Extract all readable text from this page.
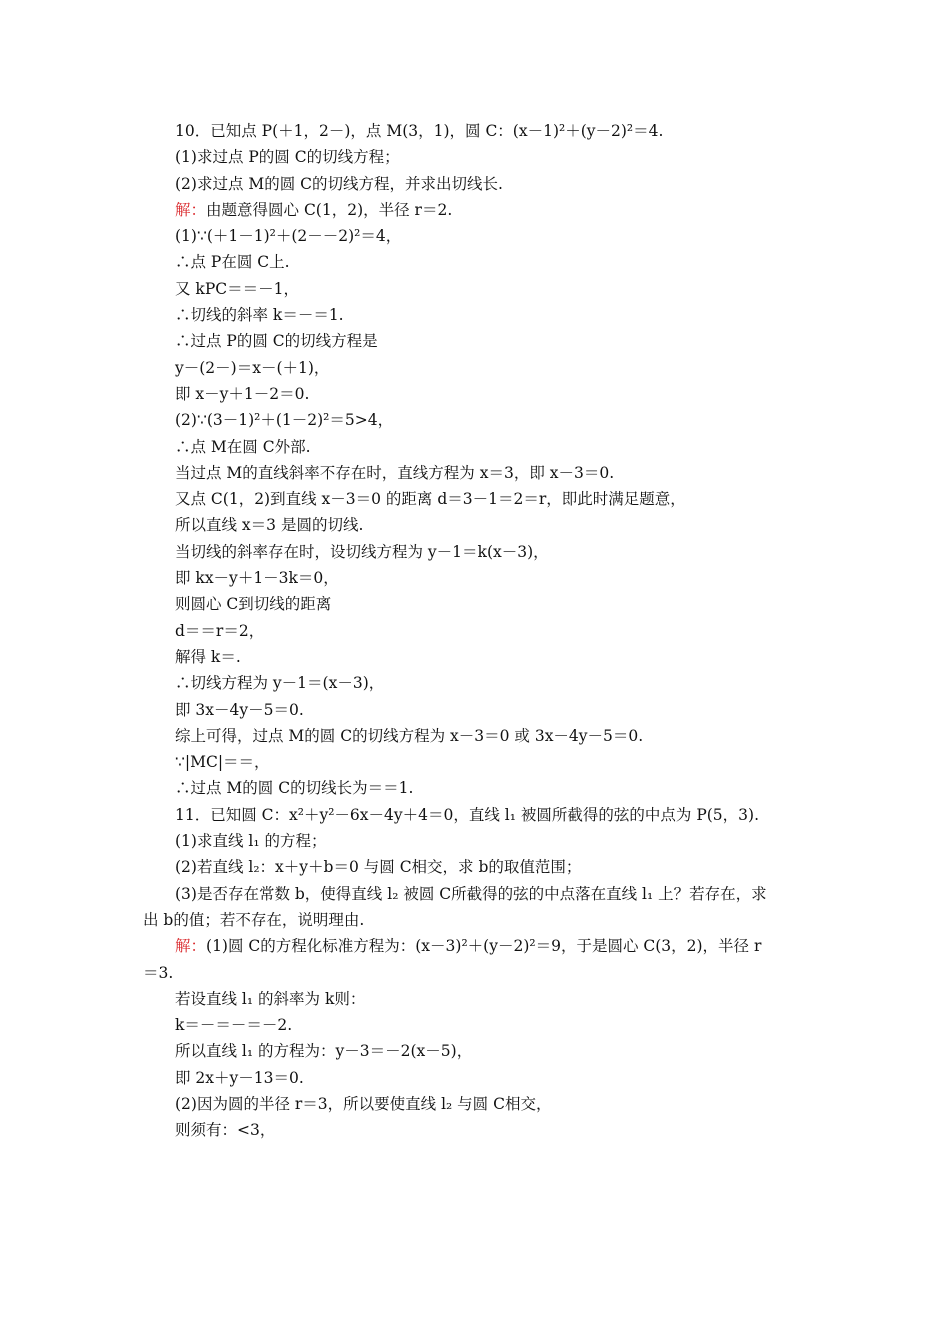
10．已知点 P(＋1，2－)，点 M(3，1)，圆 C：(x－1)²＋(y－2)²＝4.
(1)求过点 P的圆 C的切线方程；
(2)求过点 M的圆 C的切线方程，并求出切线长.
解：由题意得圆心 C(1，2)，半径 r＝2.
(1)∵(＋1－1)²＋(2－－2)²＝4，
∴点 P在圆 C上.
又 kPC＝＝－1，
∴切线的斜率 k＝－＝1.
∴过点 P的圆 C的切线方程是
y－(2－)＝x－(＋1)，
即 x－y＋1－2＝0.
(2)∵(3－1)²＋(1－2)²＝5>4，
∴点 M在圆 C外部.
当过点 M的直线斜率不存在时，直线方程为 x＝3，即 x－3＝0.
又点 C(1，2)到直线 x－3＝0 的距离 d＝3－1＝2＝r，即此时满足题意，
所以直线 x＝3 是圆的切线.
当切线的斜率存在时，设切线方程为 y－1＝k(x－3)，
即 kx－y＋1－3k＝0，
则圆心 C到切线的距离
d＝＝r＝2，
解得 k＝.
∴切线方程为 y－1＝(x－3)，
即 3x－4y－5＝0.
综上可得，过点 M的圆 C的切线方程为 x－3＝0 或 3x－4y－5＝0.
∵|MC|＝＝，
∴过点 M的圆 C的切线长为＝＝1.
11．已知圆 C：x²＋y²－6x－4y＋4＝0，直线 l₁ 被圆所截得的弦的中点为 P(5，3).
(1)求直线 l₁ 的方程；
(2)若直线 l₂：x＋y＋b＝0 与圆 C相交，求 b的取值范围；
(3)是否存在常数 b，使得直线 l₂ 被圆 C所截得的弦的中点落在直线 l₁ 上？若存在，求
出 b的值；若不存在，说明理由.
解：(1)圆 C的方程化标准方程为：(x－3)²＋(y－2)²＝9，于是圆心 C(3，2)，半径 r
＝3.
若设直线 l₁ 的斜率为 k则：
k＝－＝－＝－2.
所以直线 l₁ 的方程为：y－3＝－2(x－5)，
即 2x＋y－13＝0.
(2)因为圆的半径 r＝3，所以要使直线 l₂ 与圆 C相交，
则须有：<3，
